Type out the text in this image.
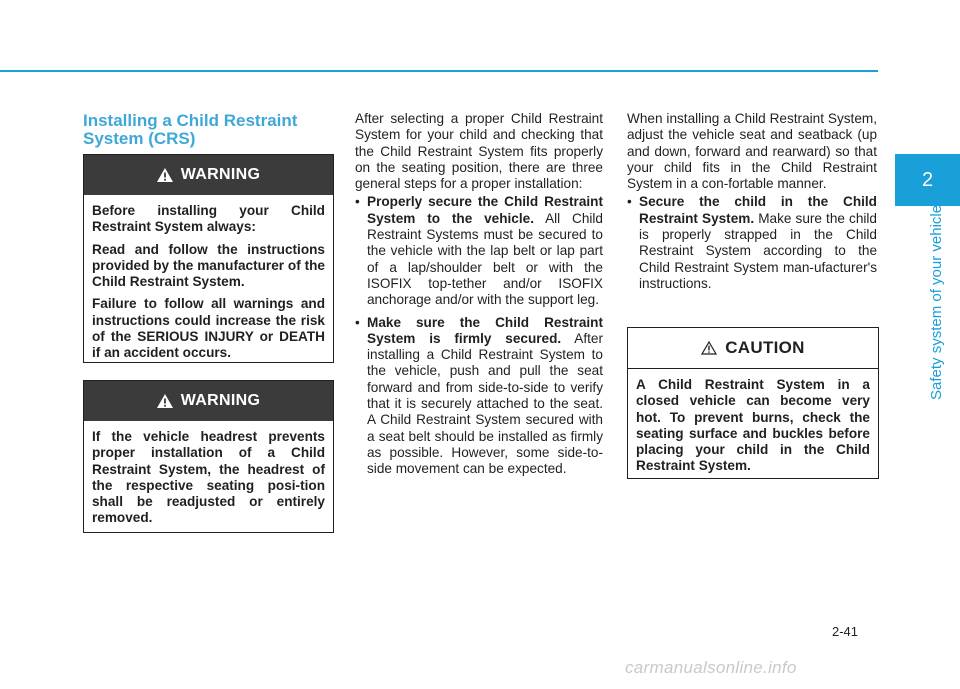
2
Safety system of your vehicle
Installing a Child Restraint System (CRS)
WARNING

Before installing your Child Restraint System always:

Read and follow the instructions provided by the manufacturer of the Child Restraint System.

Failure to follow all warnings and instructions could increase the risk of the SERIOUS INJURY or DEATH if an accident occurs.

WARNING

If the vehicle headrest prevents proper installation of a Child Restraint System, the headrest of the respective seating posi-tion shall be readjusted or entirely removed.

After selecting a proper Child Restraint System for your child and checking that the Child Restraint System fits properly on the seating position, there are three general steps for a proper installation:

• Properly secure the Child Restraint System to the vehicle. All Child Restraint Systems must be secured to the vehicle with the lap belt or lap part of a lap/shoulder belt or with the ISOFIX top-tether and/or ISOFIX anchorage and/or with the support leg.
• Make sure the Child Restraint System is firmly secured. After installing a Child Restraint System to the vehicle, push and pull the seat forward and from side-to-side to verify that it is securely attached to the seat. A Child Restraint System secured with a seat belt should be installed as firmly as possible. However, some side-to-side movement can be expected.

When installing a Child Restraint System, adjust the vehicle seat and seatback (up and down, forward and rearward) so that your child fits in the Child Restraint System in a con-fortable manner.

• Secure the child in the Child Restraint System. Make sure the child is properly strapped in the Child Restraint System according to the Child Restraint System man-ufacturer's instructions.
CAUTION

A Child Restraint System in a closed vehicle can become very hot. To prevent burns, check the seating surface and buckles before placing your child in the Child Restraint System.

2-41
carmanualsonline.info
